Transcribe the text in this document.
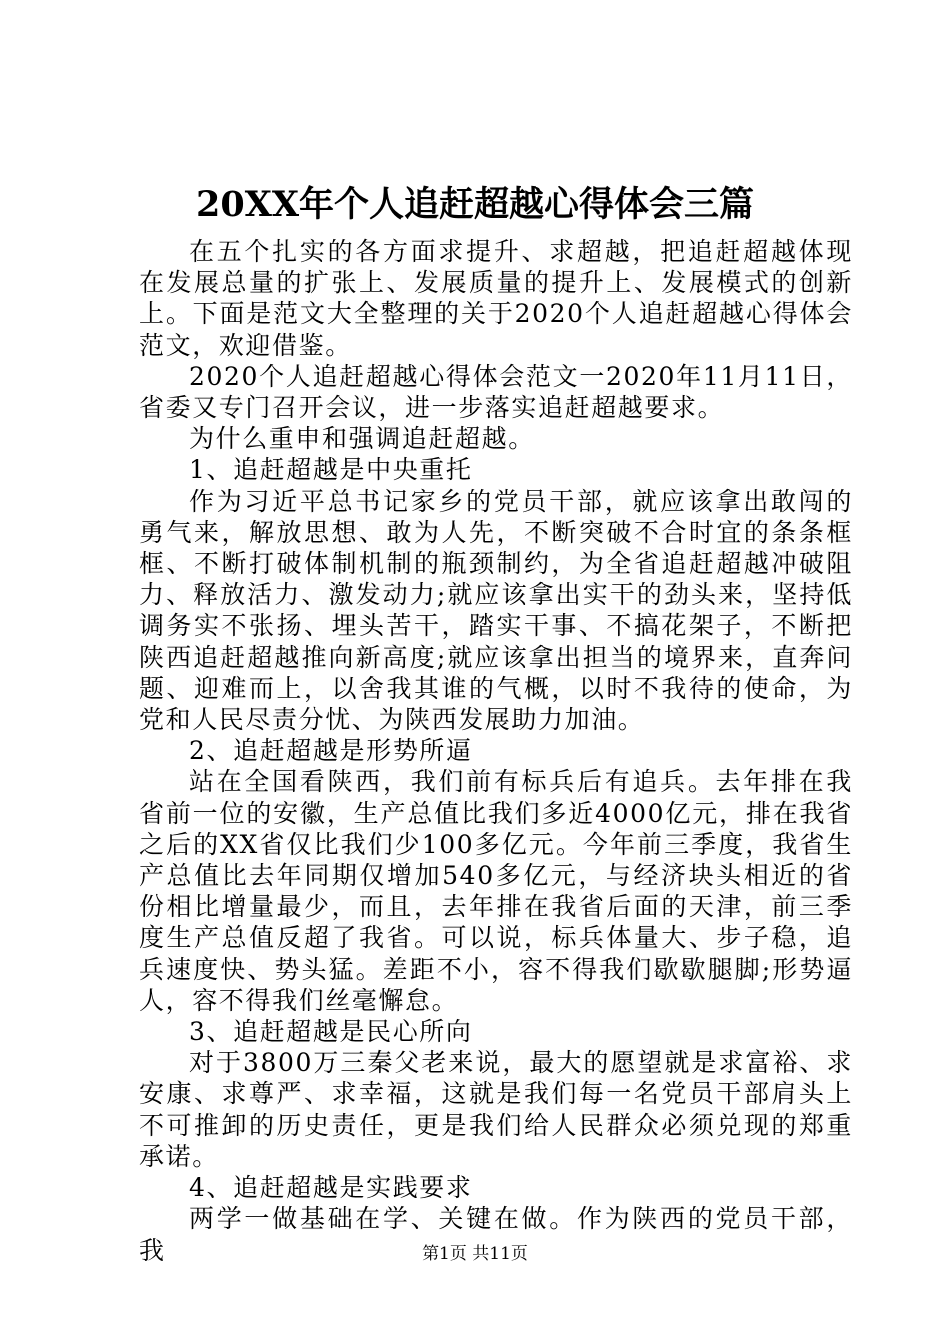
20XX年个人追赶超越心得体会三篇

在五个扎实的各方面求提升、求超越，把追赶超越体现在发展总量的扩张上、发展质量的提升上、发展模式的创新上。下面是范文大全整理的关于2020个人追赶超越心得体会范文，欢迎借鉴。

2020个人追赶超越心得体会范文一2020年11月11日，省委又专门召开会议，进一步落实追赶超越要求。

为什么重申和强调追赶超越。

1、追赶超越是中央重托

作为习近平总书记家乡的党员干部，就应该拿出敢闯的勇气来，解放思想、敢为人先，不断突破不合时宜的条条框框、不断打破体制机制的瓶颈制约，为全省追赶超越冲破阻力、释放活力、激发动力;就应该拿出实干的劲头来，坚持低调务实不张扬、埋头苦干，踏实干事、不搞花架子，不断把陕西追赶超越推向新高度;就应该拿出担当的境界来，直奔问题、迎难而上，以舍我其谁的气概，以时不我待的使命，为党和人民尽责分忧、为陕西发展助力加油。

2、追赶超越是形势所逼

站在全国看陕西，我们前有标兵后有追兵。去年排在我省前一位的安徽，生产总值比我们多近4000亿元，排在我省之后的XX省仅比我们少100多亿元。今年前三季度，我省生产总值比去年同期仅增加540多亿元，与经济块头相近的省份相比增量最少，而且，去年排在我省后面的天津，前三季度生产总值反超了我省。可以说，标兵体量大、步子稳，追兵速度快、势头猛。差距不小，容不得我们歇歇腿脚;形势逼人，容不得我们丝毫懈怠。

3、追赶超越是民心所向

对于3800万三秦父老来说，最大的愿望就是求富裕、求安康、求尊严、求幸福，这就是我们每一名党员干部肩头上不可推卸的历史责任，更是我们给人民群众必须兑现的郑重承诺。

4、追赶超越是实践要求

两学一做基础在学、关键在做。作为陕西的党员干部，我	第1页 共11页
